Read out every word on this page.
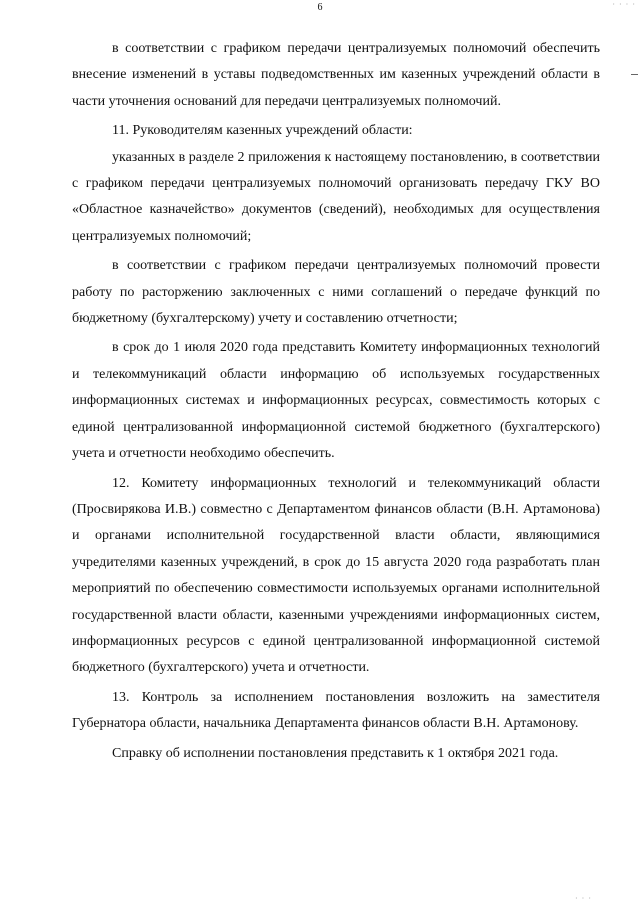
· · · ·
6

в соответствии с графиком передачи централизуемых полномочий обеспечить внесение изменений в уставы подведомственных им казенных учреждений области в части уточнения оснований для передачи централизуемых полномочий.

11. Руководителям казенных учреждений области:

указанных в разделе 2 приложения к настоящему постановлению, в соответствии с графиком передачи централизуемых полномочий организовать передачу ГКУ ВО «Областное казначейство» документов (сведений), необходимых для осуществления централизуемых полномочий;

в соответствии с графиком передачи централизуемых полномочий провести работу по расторжению заключенных с ними соглашений о передаче функций по бюджетному (бухгалтерскому) учету и составлению отчетности;

в срок до 1 июля 2020 года представить Комитету информационных технологий и телекоммуникаций области информацию об используемых государственных информационных системах и информационных ресурсах, совместимость которых с единой централизованной информационной системой бюджетного (бухгалтерского) учета и отчетности необходимо обеспечить.

12. Комитету информационных технологий и телекоммуникаций области (Просвирякова И.В.) совместно с Департаментом финансов области (В.Н. Артамонова) и органами исполнительной государственной власти области, являющимися учредителями казенных учреждений, в срок до 15 августа 2020 года разработать план мероприятий по обеспечению совместимости используемых органами исполнительной государственной власти области, казенными учреждениями информационных систем, информационных ресурсов с единой централизованной информационной системой бюджетного (бухгалтерского) учета и отчетности.

13. Контроль за исполнением постановления возложить на заместителя Губернатора области, начальника Департамента финансов области В.Н. Артамонову.

Справку об исполнении постановления представить к 1 октября 2021 года.

· · ·
